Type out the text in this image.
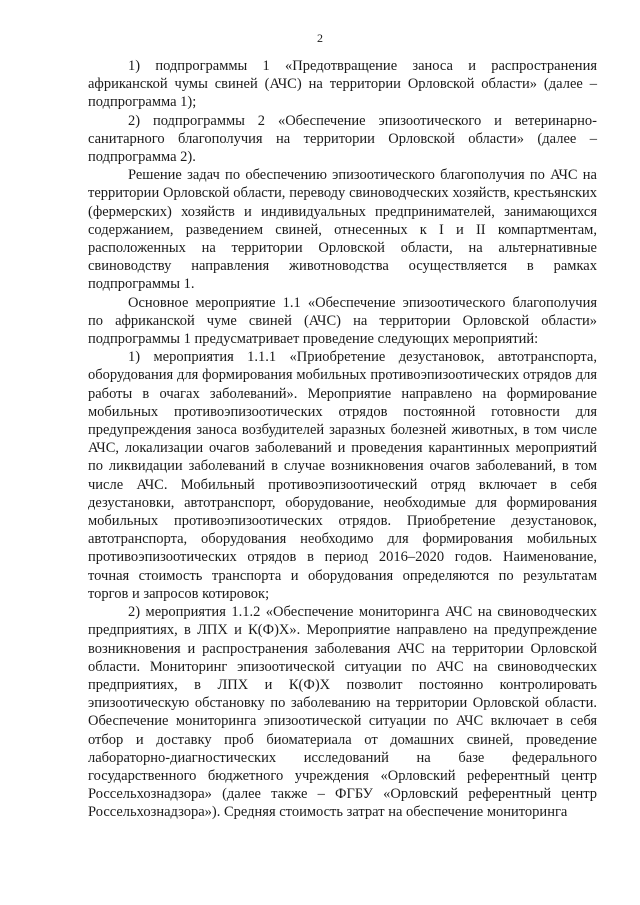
2

1) подпрограммы 1 «Предотвращение заноса и распространения африканской чумы свиней (АЧС) на территории Орловской области» (далее – подпрограмма 1);

2) подпрограммы 2 «Обеспечение эпизоотического и ветеринарно-санитарного благополучия на территории Орловской области» (далее – подпрограмма 2).

Решение задач по обеспечению эпизоотического благополучия по АЧС на территории Орловской области, переводу свиноводческих хозяйств, крестьянских (фермерских) хозяйств и индивидуальных предпринимателей, занимающихся содержанием, разведением свиней, отнесенных к I и II компартментам, расположенных на территории Орловской области, на альтернативные свиноводству направления животноводства осуществляется в рамках подпрограммы 1.

Основное мероприятие 1.1 «Обеспечение эпизоотического благополучия по африканской чуме свиней (АЧС) на территории Орловской области» подпрограммы 1 предусматривает проведение следующих мероприятий:

1) мероприятия 1.1.1 «Приобретение дезустановок, автотранспорта, оборудования для формирования мобильных противоэпизоотических отрядов для работы в очагах заболеваний». Мероприятие направлено на формирование мобильных противоэпизоотических отрядов постоянной готовности для предупреждения заноса возбудителей заразных болезней животных, в том числе АЧС, локализации очагов заболеваний и проведения карантинных мероприятий по ликвидации заболеваний в случае возникновения очагов заболеваний, в том числе АЧС. Мобильный противоэпизоотический отряд включает в себя дезустановки, автотранспорт, оборудование, необходимые для формирования мобильных противоэпизоотических отрядов. Приобретение дезустановок, автотранспорта, оборудования необходимо для формирования мобильных противоэпизоотических отрядов в период 2016–2020 годов. Наименование, точная стоимость транспорта и оборудования определяются по результатам торгов и запросов котировок;

2) мероприятия 1.1.2 «Обеспечение мониторинга АЧС на свиноводческих предприятиях, в ЛПХ и К(Ф)Х». Мероприятие направлено на предупреждение возникновения и распространения заболевания АЧС на территории Орловской области. Мониторинг эпизоотической ситуации по АЧС на свиноводческих предприятиях, в ЛПХ и К(Ф)Х позволит постоянно контролировать эпизоотическую обстановку по заболеванию на территории Орловской области. Обеспечение мониторинга эпизоотической ситуации по АЧС включает в себя отбор и доставку проб биоматериала от домашних свиней, проведение лабораторно-диагностических исследований на базе федерального государственного бюджетного учреждения «Орловский референтный центр Россельхознадзора» (далее также – ФГБУ «Орловский референтный центр Россельхознадзора»). Средняя стоимость затрат на обеспечение мониторинга
